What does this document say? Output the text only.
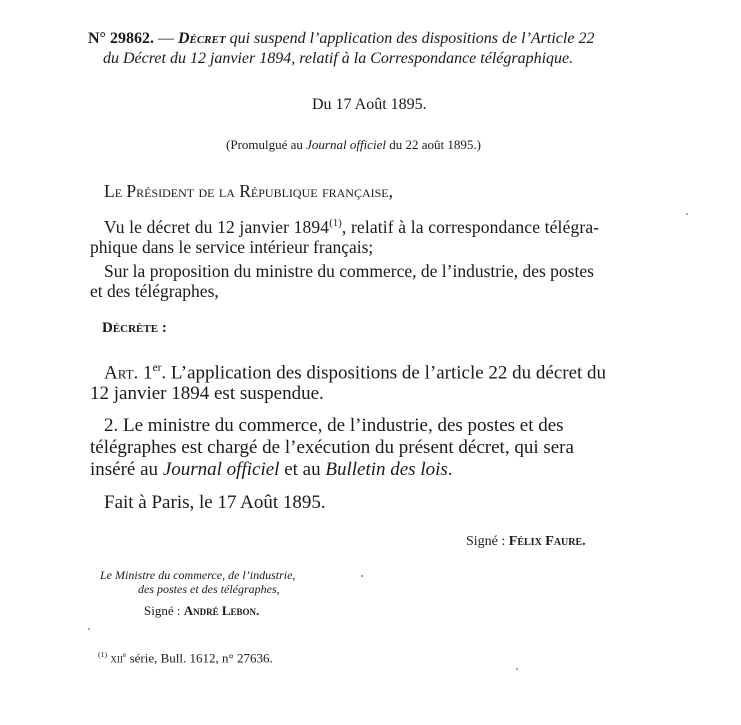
N° 29862. — Décret qui suspend l’application des dispositions de l’Article 22
du Décret du 12 janvier 1894, relatif à la Correspondance télégraphique.
Du 17 Août 1895.
(Promulgué au Journal officiel du 22 août 1895.)
Le Président de la République française,
Vu le décret du 12 janvier 1894$^{(1)}$, relatif à la correspondance télégra-
phique dans le service intérieur français;
Sur la proposition du ministre du commerce, de l’industrie, des postes
et des télégraphes,
Décrète :
Art. 1er. L’application des dispositions de l’article 22 du décret du
12 janvier 1894 est suspendue.
2. Le ministre du commerce, de l’industrie, des postes et des
télégraphes est chargé de l’exécution du présent décret, qui sera
inséré au Journal officiel et au Bulletin des lois.
Fait à Paris, le 17 Août 1895.
Signé : Félix Faure.
Le Ministre du commerce, de l’industrie,
des postes et des télégraphes,
Signé : André Lebon.
$^{(1)}$ xii$^e$ série, Bull. 1612, n° 27636.
